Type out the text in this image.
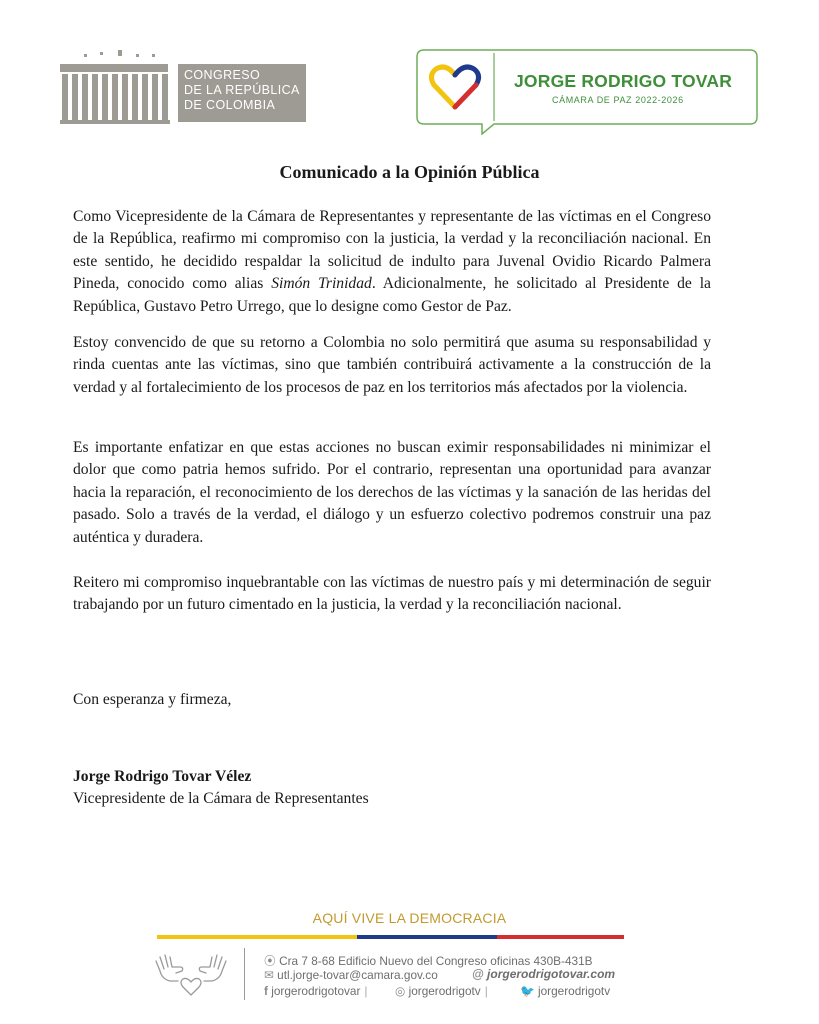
CONGRESO
DE LA REPÚBLICA
DE COLOMBIA
JORGE RODRIGO TOVAR
CÁMARA DE PAZ 2022-2026
Comunicado a la Opinión Pública

Como Vicepresidente de la Cámara de Representantes y representante de las víctimas en el Congreso de la República, reafirmo mi compromiso con la justicia, la verdad y la reconciliación nacional. En este sentido, he decidido respaldar la solicitud de indulto para Juvenal Ovidio Ricardo Palmera Pineda, conocido como alias Simón Trinidad. Adicionalmente, he solicitado al Presidente de la República, Gustavo Petro Urrego, que lo designe como Gestor de Paz.

Estoy convencido de que su retorno a Colombia no solo permitirá que asuma su responsabilidad y rinda cuentas ante las víctimas, sino que también contribuirá activamente a la construcción de la verdad y al fortalecimiento de los procesos de paz en los territorios más afectados por la violencia.

Es importante enfatizar en que estas acciones no buscan eximir responsabilidades ni minimizar el dolor que como patria hemos sufrido. Por el contrario, representan una oportunidad para avanzar hacia la reparación, el reconocimiento de los derechos de las víctimas y la sanación de las heridas del pasado. Solo a través de la verdad, el diálogo y un esfuerzo colectivo podremos construir una paz auténtica y duradera.

Reitero mi compromiso inquebrantable con las víctimas de nuestro país y mi determinación de seguir trabajando por un futuro cimentado en la justicia, la verdad y la reconciliación nacional.

Con esperanza y firmeza,
Jorge Rodrigo Tovar Vélez
Vicepresidente de la Cámara de Representantes
AQUÍ VIVE LA DEMOCRACIA
⦿ Cra 7 8-68 Edificio Nuevo del Congreso oficinas 430B-431B
✉ utl.jorge-tovar@camara.gov.co	@ jorgerodrigotovar.com
f jorgerodrigotovar |	◎ jorgerodrigotv |	🐦 jorgerodrigotv
